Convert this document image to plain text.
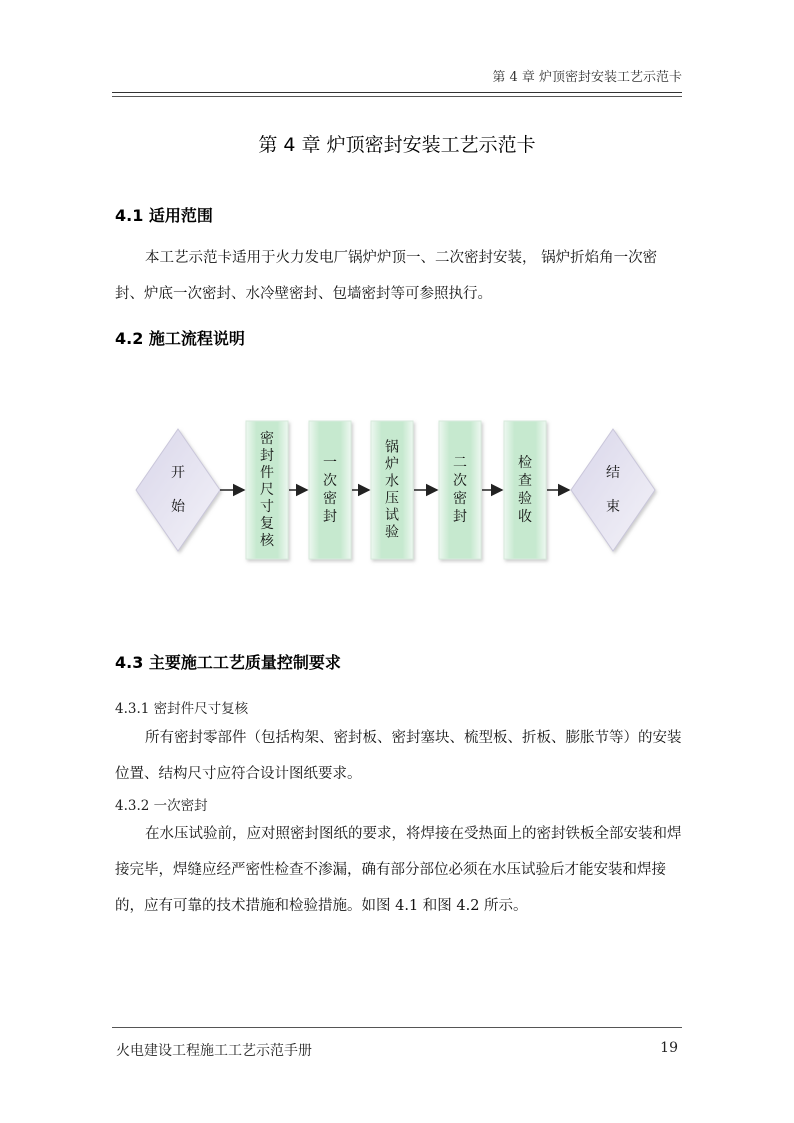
第 4 章 炉顶密封安装工艺示范卡
第 4 章 炉顶密封安装工艺示范卡
4.1 适用范围

本工艺示范卡适用于火力发电厂锅炉炉顶一、二次密封安装， 锅炉折焰角一次密封、炉底一次密封、水冷壁密封、包墙密封等可参照执行。

4.2 施工流程说明
开
始
密
封
件
尺
寸
复
核
一
次
密
封
锅
炉
水
压
试
验
二
次
密
封
检
查
验
收
结
束
4.3 主要施工工艺质量控制要求
4.3.1 密封件尺寸复核

所有密封零部件（包括构架、密封板、密封塞块、梳型板、折板、膨胀节等）的安装位置、结构尺寸应符合设计图纸要求。

4.3.2 一次密封

在水压试验前，应对照密封图纸的要求，将焊接在受热面上的密封铁板全部安装和焊接完毕，焊缝应经严密性检查不渗漏，确有部分部位必须在水压试验后才能安装和焊接的，应有可靠的技术措施和检验措施。如图 4.1 和图 4.2 所示。

火电建设工程施工工艺示范手册	19
